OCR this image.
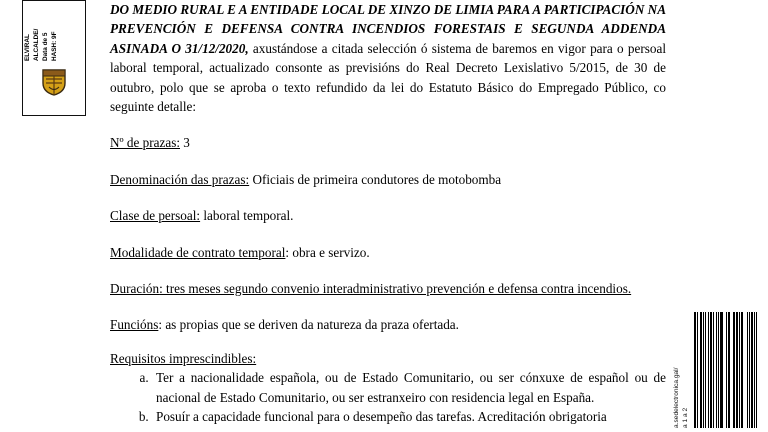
ELVIRAL ALCALDE/ Data de 5 HASH: 9F

DO MEDIO RURAL E A ENTIDADE LOCAL DE XINZO DE LIMIA PARA A PARTICIPACIÓN NA PREVENCIÓN E DEFENSA CONTRA INCENDIOS FORESTAIS E SEGUNDA ADDENDA ASINADA O 31/12/2020, axustándose a citada selección ó sistema de baremos en vigor para o persoal laboral temporal, actualizado consonte as previsións do Real Decreto Lexislativo 5/2015, de 30 de outubro, polo que se aproba o texto refundido da lei do Estatuto Básico do Empregado Público, co seguinte detalle:

Nº de prazas: 3

Denominación das prazas: Oficiais de primeira condutores de motobomba

Clase de persoal: laboral temporal.

Modalidade de contrato temporal: obra e servizo.

Duración: tres meses segundo convenio interadministrativo prevención e defensa contra incendios.

Funcións: as propias que se deriven da natureza da praza ofertada.

Requisitos imprescindibles:

a. Ter a nacionalidade española, ou de Estado Comunitario, ou ser cónxuxe de español ou de nacional de Estado Comunitario, ou ser estranxeiro con residencia legal en España.
b. Posuír a capacidade funcional para o desempeño das tarefas. Acreditación obrigatoria	a.sedelectronica.gal/ a 1 a 2
